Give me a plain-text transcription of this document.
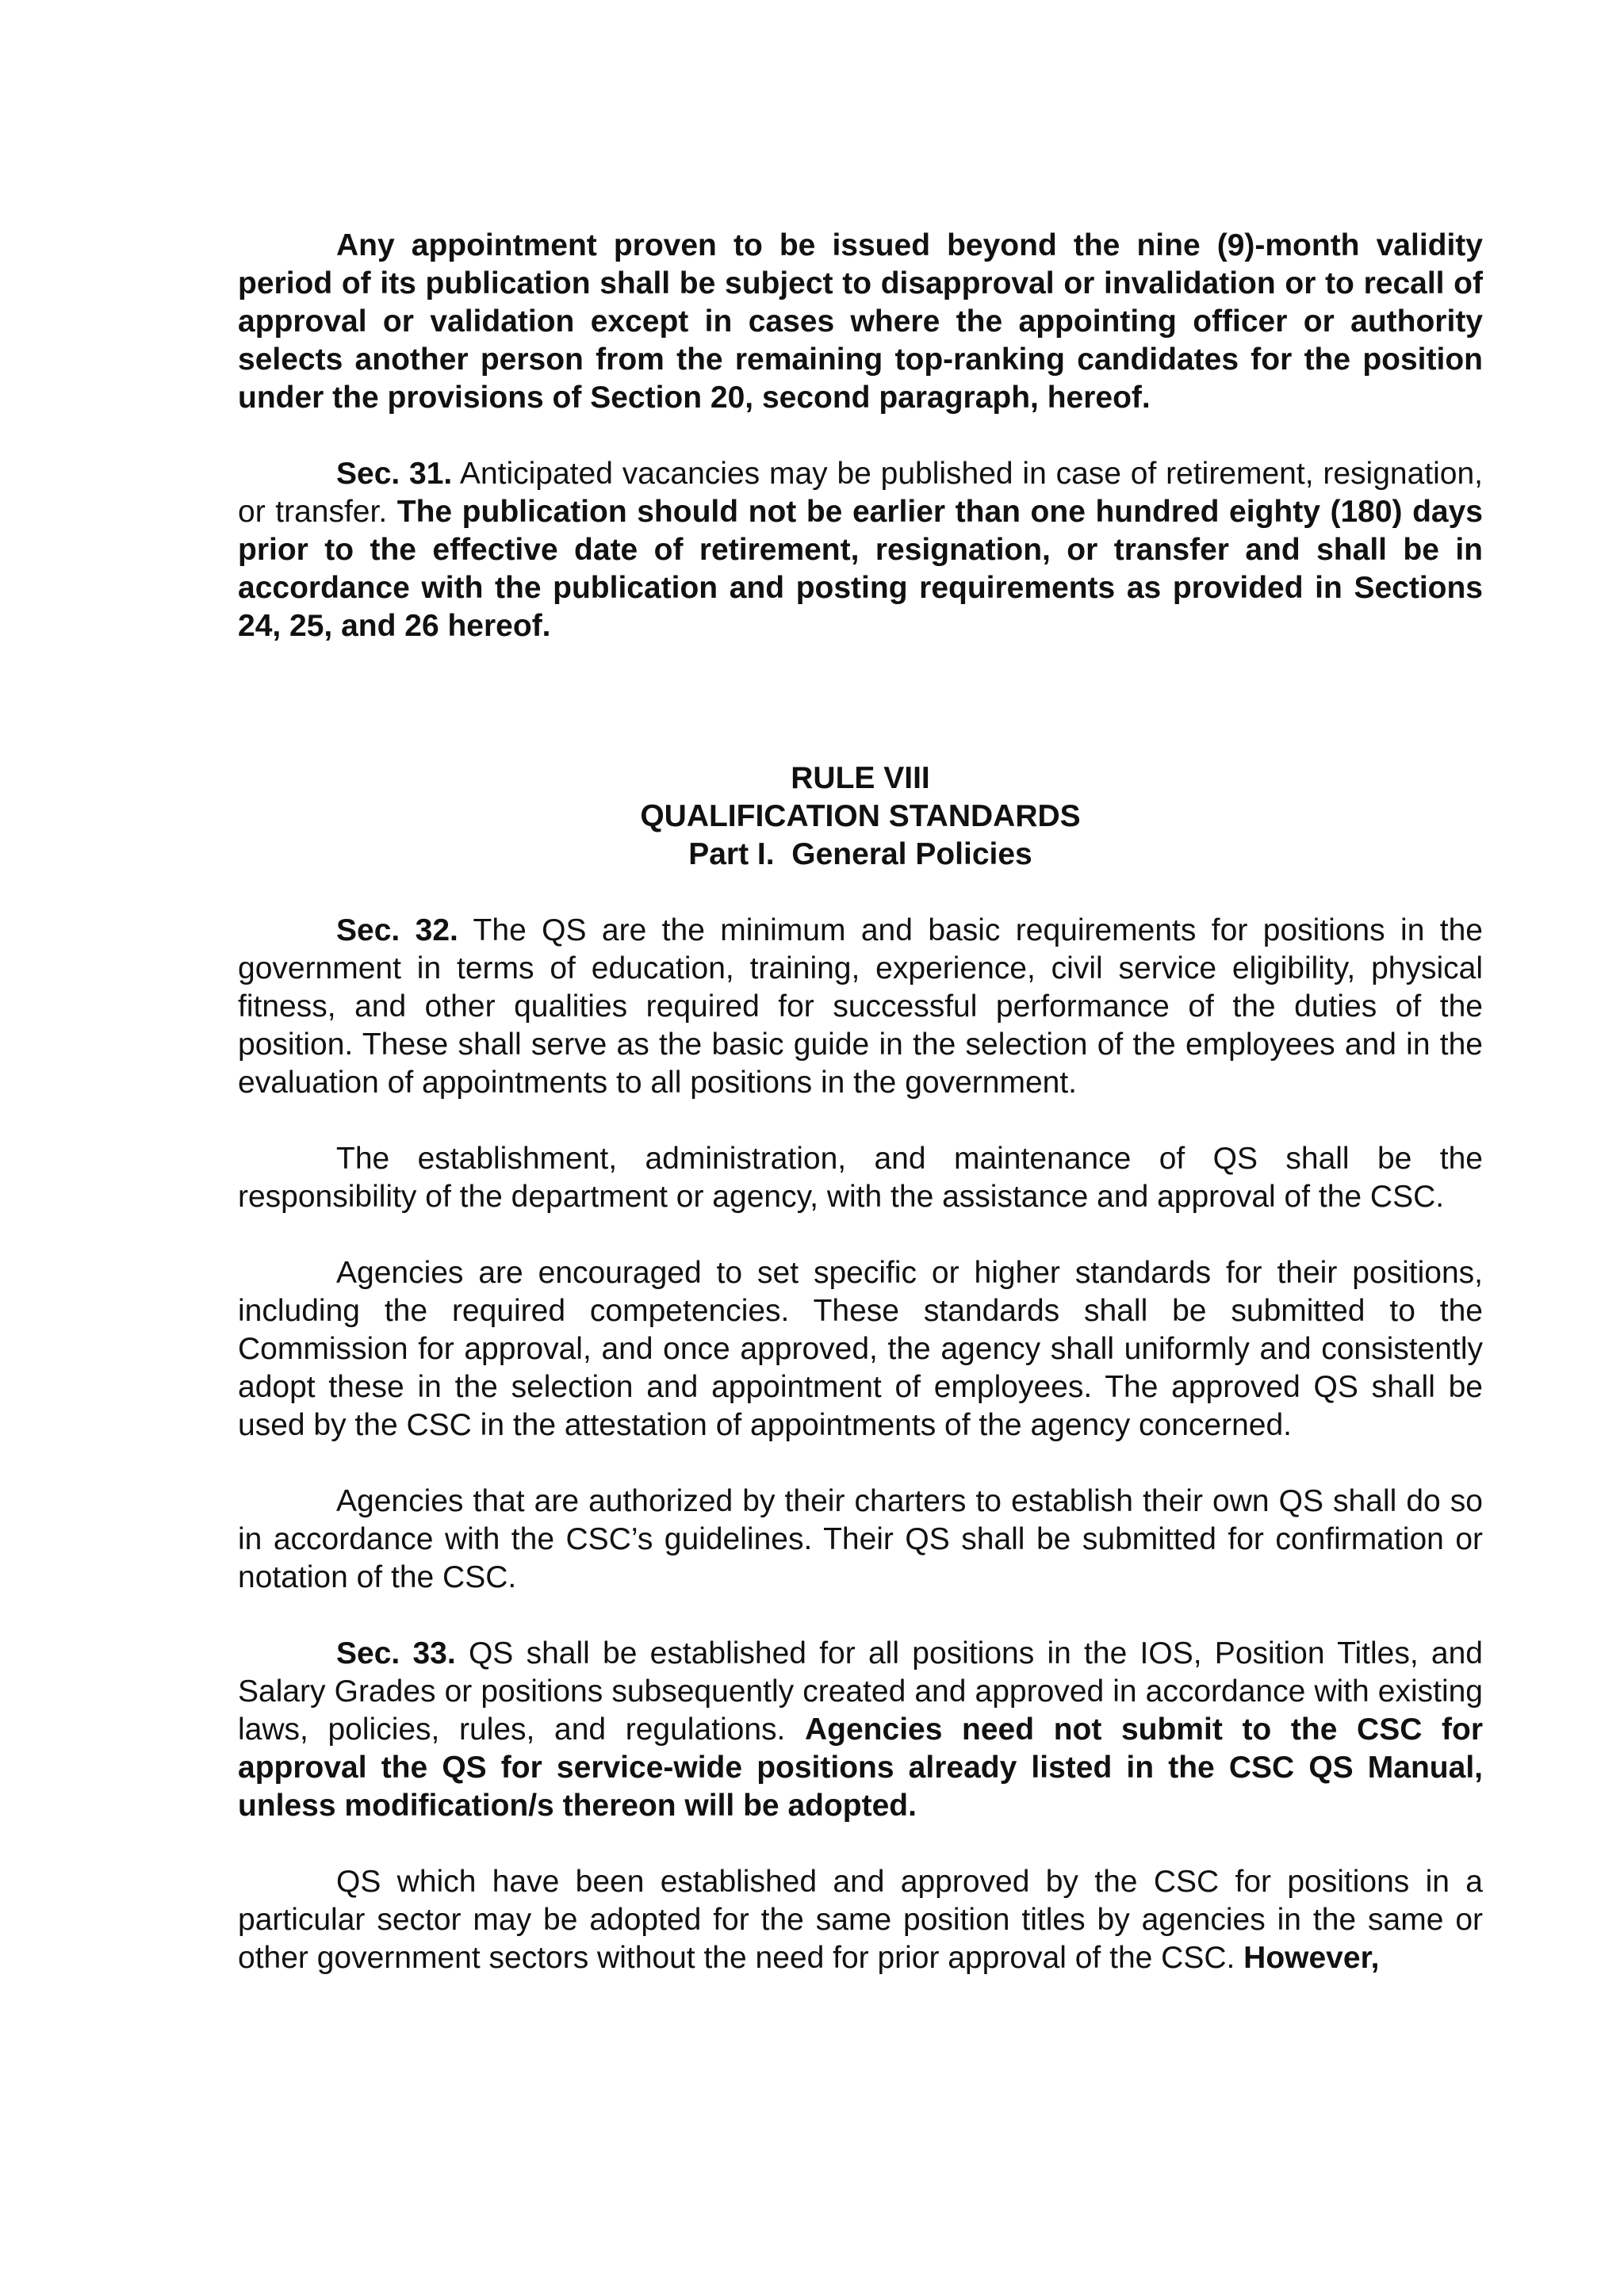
Any appointment proven to be issued beyond the nine (9)-month validity period of its publication shall be subject to disapproval or invalidation or to recall of approval or validation except in cases where the appointing officer or authority selects another person from the remaining top-ranking candidates for the position under the provisions of Section 20, second paragraph, hereof.

Sec. 31. Anticipated vacancies may be published in case of retirement, resignation, or transfer. The publication should not be earlier than one hundred eighty (180) days prior to the effective date of retirement, resignation, or transfer and shall be in accordance with the publication and posting requirements as provided in Sections 24, 25, and 26 hereof.

RULE VIII

QUALIFICATION STANDARDS

Part I.  General Policies

Sec. 32. The QS are the minimum and basic requirements for positions in the government in terms of education, training, experience, civil service eligibility, physical fitness, and other qualities required for successful performance of the duties of the position. These shall serve as the basic guide in the selection of the employees and in the evaluation of appointments to all positions in the government.

The establishment, administration, and maintenance of QS shall be the responsibility of the department or agency, with the assistance and approval of the CSC.

Agencies are encouraged to set specific or higher standards for their positions, including the required competencies. These standards shall be submitted to the Commission for approval, and once approved, the agency shall uniformly and consistently adopt these in the selection and appointment of employees. The approved QS shall be used by the CSC in the attestation of appointments of the agency concerned.

Agencies that are authorized by their charters to establish their own QS shall do so in accordance with the CSC’s guidelines. Their QS shall be submitted for confirmation or notation of the CSC.

Sec. 33. QS shall be established for all positions in the IOS, Position Titles, and Salary Grades or positions subsequently created and approved in accordance with existing laws, policies, rules, and regulations. Agencies need not submit to the CSC for approval the QS for service-wide positions already listed in the CSC QS Manual, unless modification/s thereon will be adopted.

QS which have been established and approved by the CSC for positions in a particular sector may be adopted for the same position titles by agencies in the same or other government sectors without the need for prior approval of the CSC. However,
